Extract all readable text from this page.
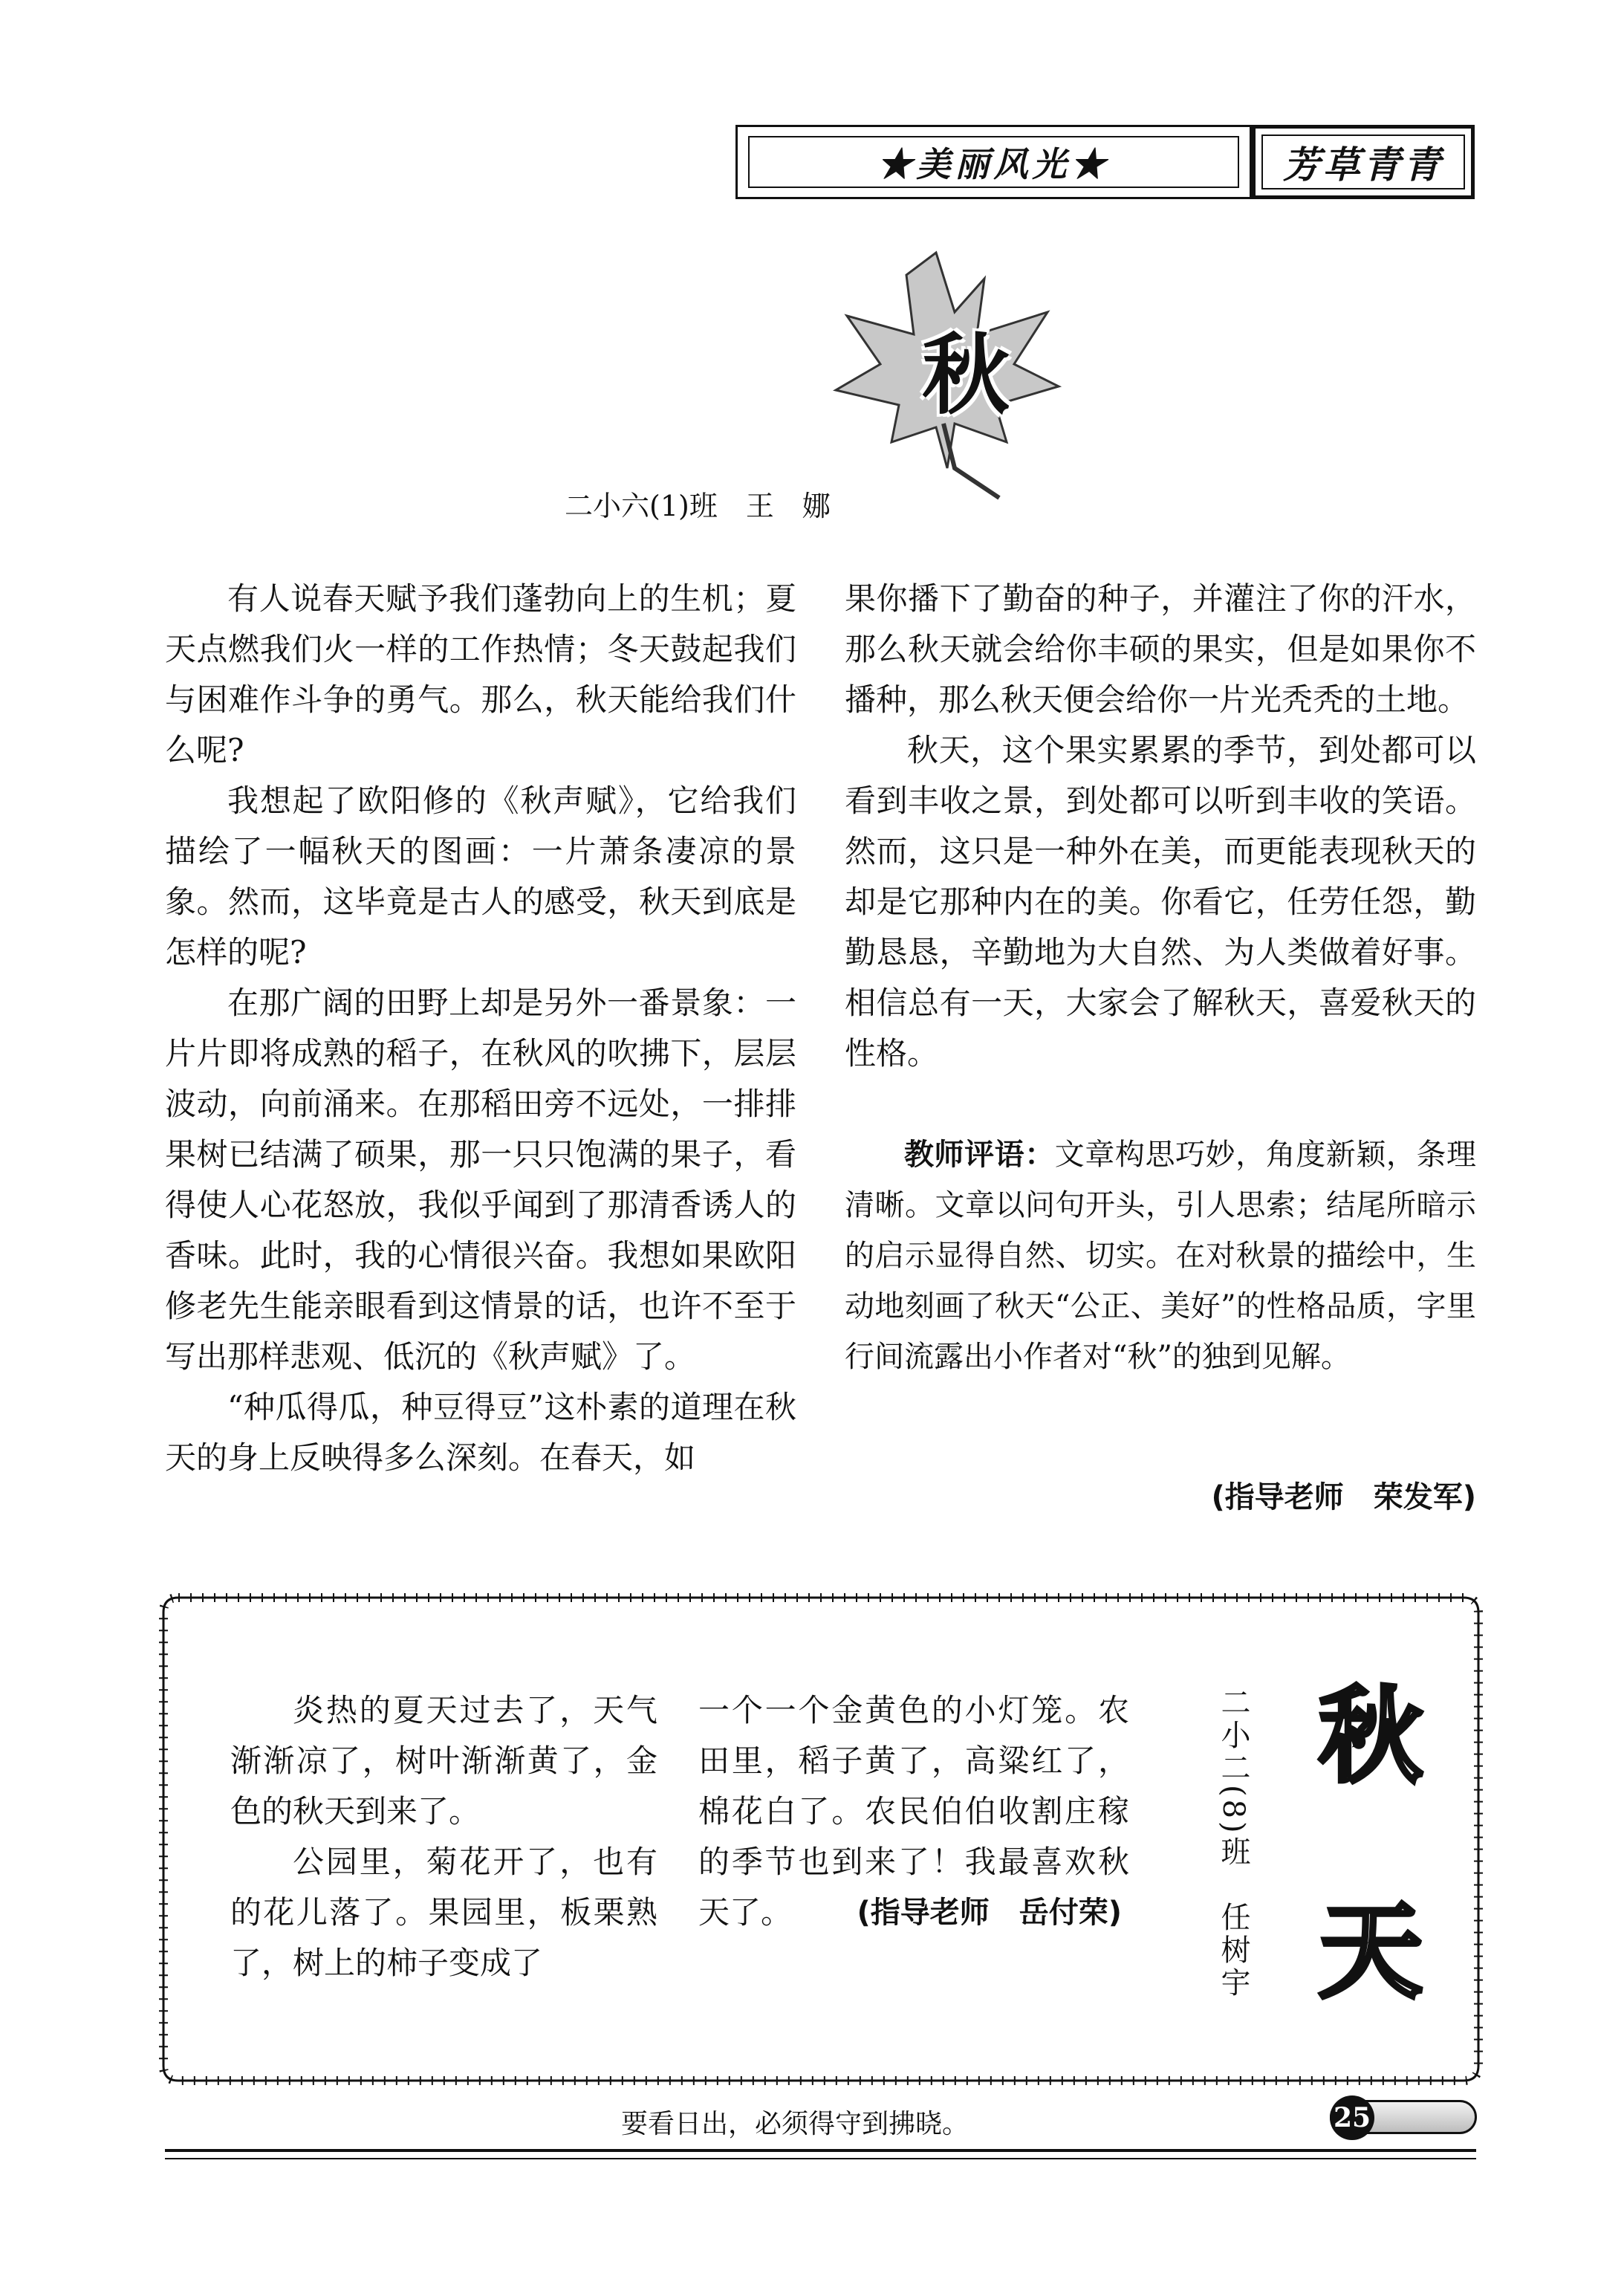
★美丽风光★	芳草青青
秋
二小六(1)班　王　娜

有人说春天赋予我们蓬勃向上的生机；夏天点燃我们火一样的工作热情；冬天鼓起我们与困难作斗争的勇气。那么，秋天能给我们什么呢?

我想起了欧阳修的《秋声赋》，它给我们描绘了一幅秋天的图画：一片萧条凄凉的景象。然而，这毕竟是古人的感受，秋天到底是怎样的呢?

在那广阔的田野上却是另外一番景象：一片片即将成熟的稻子，在秋风的吹拂下，层层波动，向前涌来。在那稻田旁不远处，一排排果树已结满了硕果，那一只只饱满的果子，看得使人心花怒放，我似乎闻到了那清香诱人的香味。此时，我的心情很兴奋。我想如果欧阳修老先生能亲眼看到这情景的话，也许不至于写出那样悲观、低沉的《秋声赋》了。

“种瓜得瓜，种豆得豆”这朴素的道理在秋天的身上反映得多么深刻。在春天，如

果你播下了勤奋的种子，并灌注了你的汗水，那么秋天就会给你丰硕的果实，但是如果你不播种，那么秋天便会给你一片光秃秃的土地。

秋天，这个果实累累的季节，到处都可以看到丰收之景，到处都可以听到丰收的笑语。然而，这只是一种外在美，而更能表现秋天的却是它那种内在的美。你看它，任劳任怨，勤勤恳恳，辛勤地为大自然、为人类做着好事。相信总有一天，大家会了解秋天，喜爱秋天的性格。

教师评语：文章构思巧妙，角度新颖，条理清晰。文章以问句开头，引人思索；结尾所暗示的启示显得自然、切实。在对秋景的描绘中，生动地刻画了秋天“公正、美好”的性格品质，字里行间流露出小作者对“秋”的独到见解。

(指导老师　荣发军)

炎热的夏天过去了，天气渐渐凉了，树叶渐渐黄了，金色的秋天到来了。

公园里，菊花开了，也有的花儿落了。果园里，板栗熟了，树上的柿子变成了

一个一个金黄色的小灯笼。农田里，稻子黄了，高粱红了，棉花白了。农民伯伯收割庄稼的季节也到来了！我最喜欢秋天了。	(指导老师　岳付荣)	二小二(8)班　任树宇 秋
天
要看日出，必须得守到拂晓。	25
